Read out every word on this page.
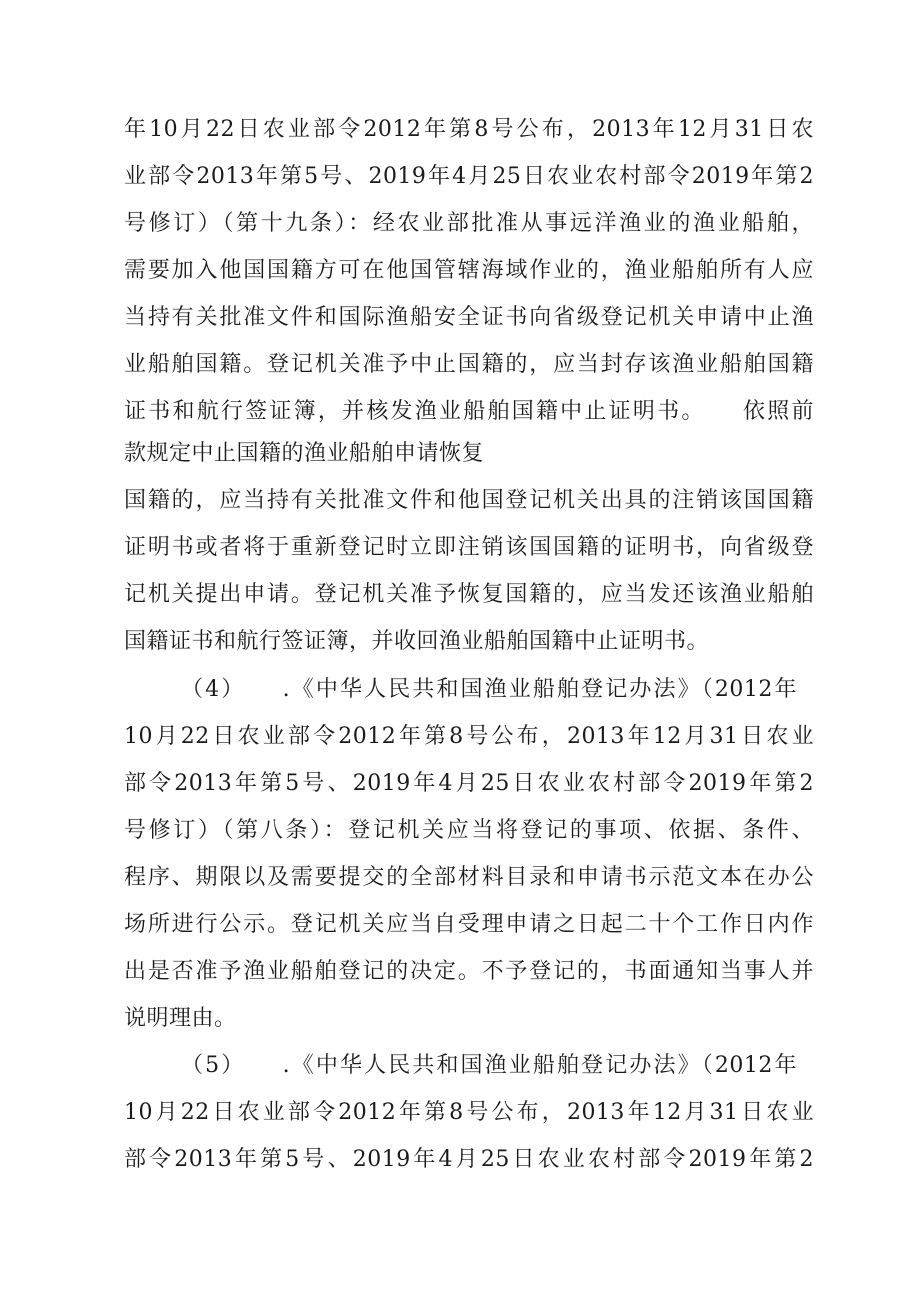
年10月22日农业部令2012年第8号公布，2013年12月31日农

业部令2013年第5号、2019年4月25日农业农村部令2019年第2

号修订）（第十九条）：经农业部批准从事远洋渔业的渔业船舶，

需要加入他国国籍方可在他国管辖海域作业的，渔业船舶所有人应

当持有关批准文件和国际渔船安全证书向省级登记机关申请中止渔

业船舶国籍。登记机关准予中止国籍的，应当封存该渔业船舶国籍

证书和航行签证簿，并核发渔业船舶国籍中止证明书。　　依照前

款规定中止国籍的渔业船舶申请恢复

国籍的，应当持有关批准文件和他国登记机关出具的注销该国国籍

证明书或者将于重新登记时立即注销该国国籍的证明书，向省级登

记机关提出申请。登记机关准予恢复国籍的，应当发还该渔业船舶

国籍证书和航行签证簿，并收回渔业船舶国籍中止证明书。

（4）　　.《中华人民共和国渔业船舶登记办法》（2012年

10月22日农业部令2012年第8号公布，2013年12月31日农业

部令2013年第5号、2019年4月25日农业农村部令2019年第2

号修订）（第八条）：登记机关应当将登记的事项、依据、条件、

程序、期限以及需要提交的全部材料目录和申请书示范文本在办公

场所进行公示。登记机关应当自受理申请之日起二十个工作日内作

出是否准予渔业船舶登记的决定。不予登记的，书面通知当事人并

说明理由。

（5）　　.《中华人民共和国渔业船舶登记办法》（2012年

10月22日农业部令2012年第8号公布，2013年12月31日农业

部令2013年第5号、2019年4月25日农业农村部令2019年第2
